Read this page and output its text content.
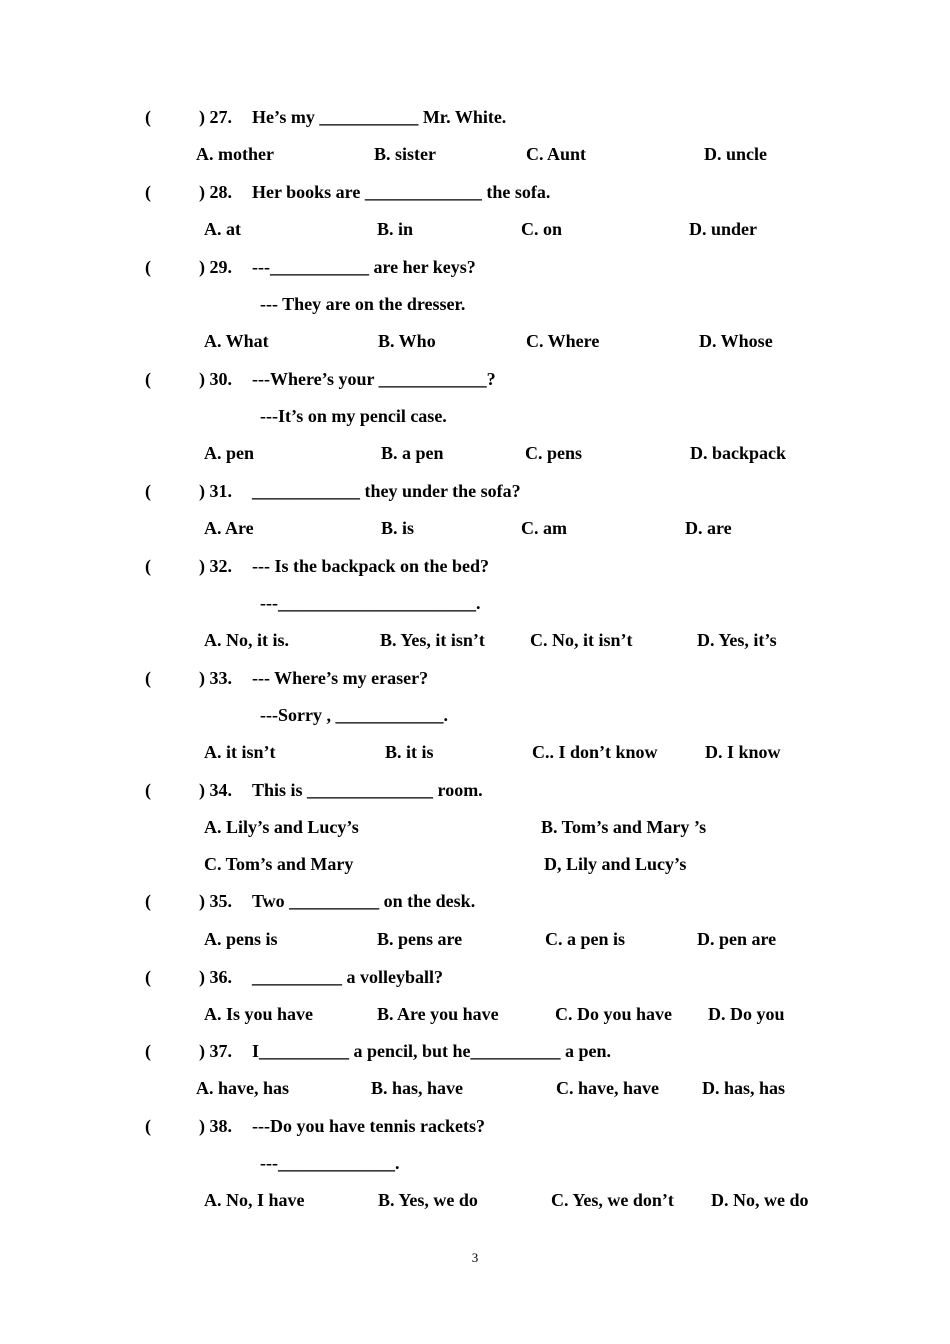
(	) 27. He’s my ___________ Mr. White.
A. mother	B. sister	C. Aunt	D. uncle
(	) 28. Her books are _____________ the sofa.
A. at	B. in	C. on	D. under
(	) 29. ---___________ are her keys?
--- They are on the dresser.
A. What	B. Who	C. Where	D. Whose
(	) 30. ---Where’s your ____________?
---It’s on my pencil case.
A. pen	B. a pen	C. pens	D. backpack
(	) 31. ____________ they under the sofa?
A. Are	B. is	C. am	D. are
(	) 32. --- Is the backpack on the bed?
---______________________.
A. No, it is.	B. Yes, it isn’t	C. No, it isn’t	D. Yes, it’s
(	) 33. --- Where’s my eraser?
---Sorry , ____________.
A. it isn’t	B. it is	C.. I don’t know	D. I know
(	) 34. This is ______________ room.
A. Lily’s and Lucy’s	B. Tom’s and Mary ’s
C. Tom’s and Mary	D, Lily and Lucy’s
(	) 35. Two __________ on the desk.
A. pens is	B. pens are	C. a pen is	D. pen are
(	) 36. __________ a volleyball?
A. Is you have	B. Are you have	C. Do you have D. Do you
(	) 37. I__________ a pencil, but he__________ a pen.
A. have, has	B. has, have	C. have, have D. has, has
(	) 38. ---Do you have tennis rackets?
---_____________.
A. No, I have	B. Yes, we do	C. Yes, we don’t D. No, we do
3
